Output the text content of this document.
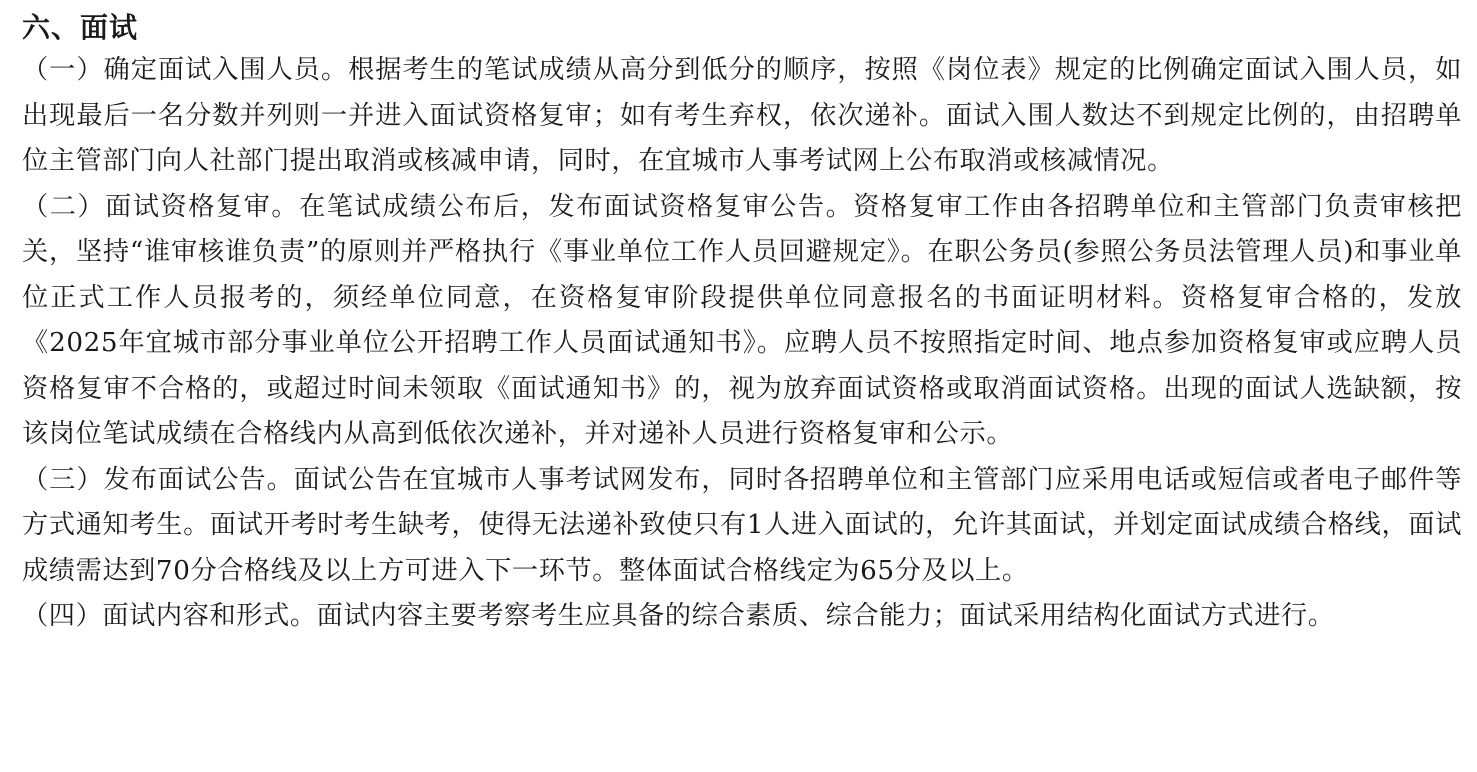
六、面试

（一）确定面试入围人员。根据考生的笔试成绩从高分到低分的顺序，按照《岗位表》规定的比例确定面试入围人员，如出现最后一名分数并列则一并进入面试资格复审；如有考生弃权，依次递补。面试入围人数达不到规定比例的，由招聘单位主管部门向人社部门提出取消或核减申请，同时，在宜城市人事考试网上公布取消或核减情况。

（二）面试资格复审。在笔试成绩公布后，发布面试资格复审公告。资格复审工作由各招聘单位和主管部门负责审核把关，坚持“谁审核谁负责”的原则并严格执行《事业单位工作人员回避规定》。在职公务员(参照公务员法管理人员)和事业单位正式工作人员报考的，须经单位同意，在资格复审阶段提供单位同意报名的书面证明材料。资格复审合格的，发放《2025年宜城市部分事业单位公开招聘工作人员面试通知书》。应聘人员不按照指定时间、地点参加资格复审或应聘人员资格复审不合格的，或超过时间未领取《面试通知书》的，视为放弃面试资格或取消面试资格。出现的面试人选缺额，按该岗位笔试成绩在合格线内从高到低依次递补，并对递补人员进行资格复审和公示。

（三）发布面试公告。面试公告在宜城市人事考试网发布，同时各招聘单位和主管部门应采用电话或短信或者电子邮件等方式通知考生。面试开考时考生缺考，使得无法递补致使只有1人进入面试的，允许其面试，并划定面试成绩合格线，面试成绩需达到70分合格线及以上方可进入下一环节。整体面试合格线定为65分及以上。

（四）面试内容和形式。面试内容主要考察考生应具备的综合素质、综合能力；面试采用结构化面试方式进行。
